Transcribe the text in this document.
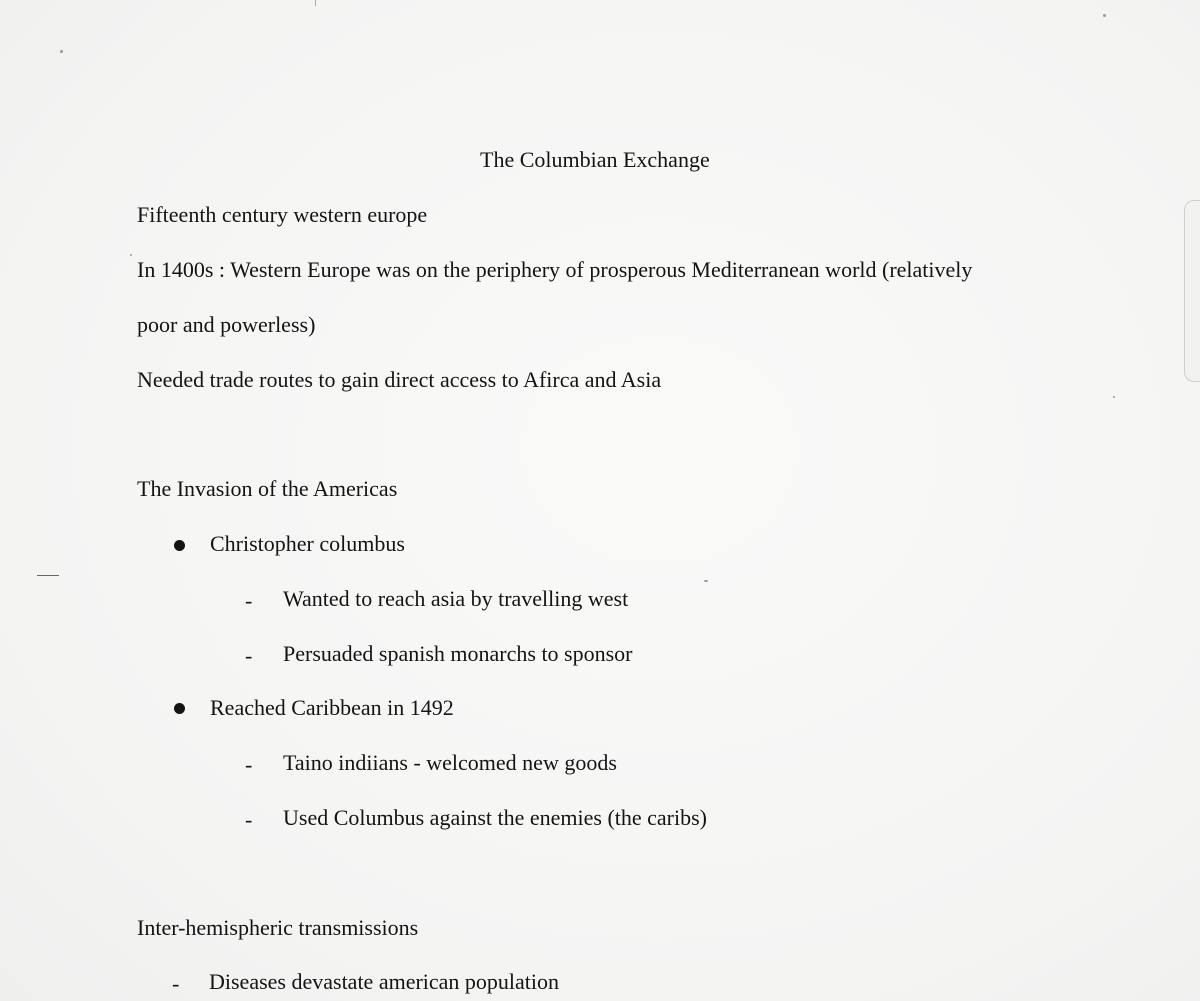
The Columbian Exchange
Fifteenth century western europe
In 1400s : Western Europe was on the periphery of prosperous Mediterranean world (relatively
poor and powerless)
Needed trade routes to gain direct access to Afirca and Asia
The Invasion of the Americas
Christopher columbus
- Wanted to reach asia by travelling west
- Persuaded spanish monarchs to sponsor
Reached Caribbean in 1492
- Taino indiians - welcomed new goods
- Used Columbus against the enemies (the caribs)
Inter-hemispheric transmissions
- Diseases devastate american population
